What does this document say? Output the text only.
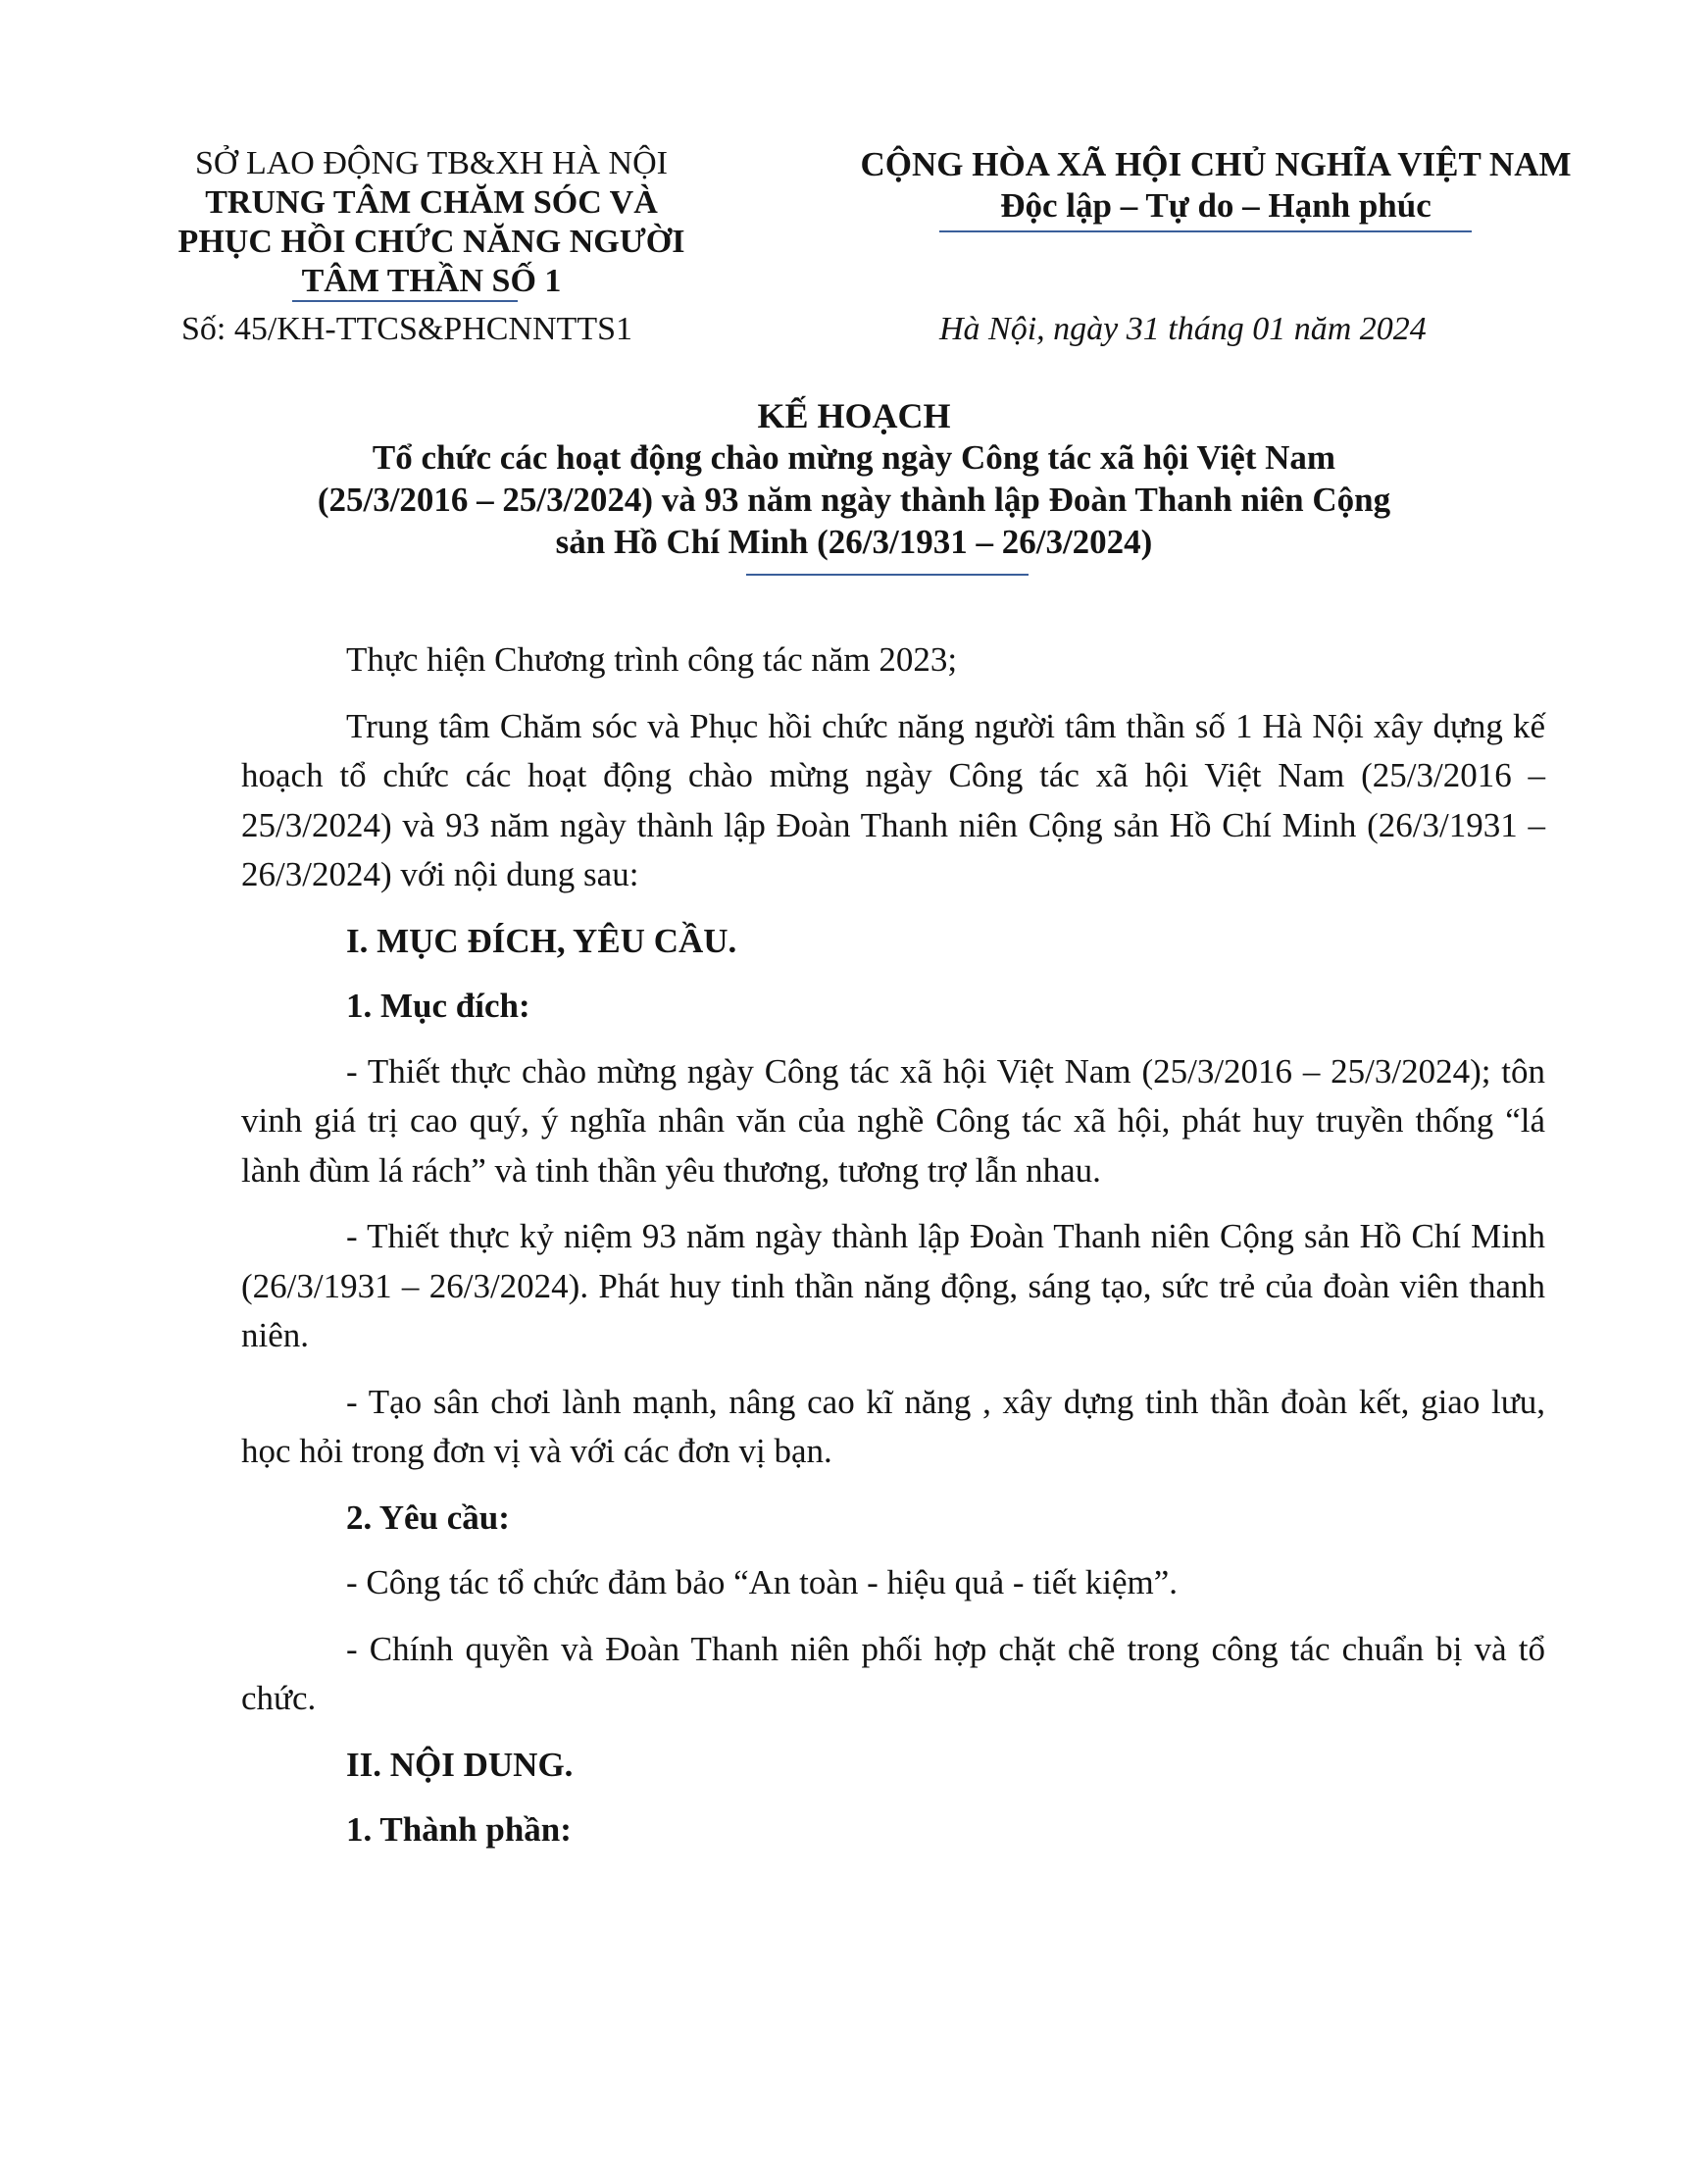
SỞ LAO ĐỘNG TB&XH HÀ NỘI
TRUNG TÂM CHĂM SÓC VÀ
PHỤC HỒI CHỨC NĂNG NGƯỜI
TÂM THẦN SỐ 1
Số: 45/KH-TTCS&PHCNNTTS1
CỘNG HÒA XÃ HỘI CHỦ NGHĨA VIỆT NAM
Độc lập – Tự do – Hạnh phúc
Hà Nội, ngày 31 tháng 01 năm 2024
KẾ HOẠCH
Tổ chức các hoạt động chào mừng ngày Công tác xã hội Việt Nam
(25/3/2016 – 25/3/2024) và 93 năm ngày thành lập Đoàn Thanh niên Cộng
sản Hồ Chí Minh (26/3/1931 – 26/3/2024)

Thực hiện Chương trình công tác năm 2023;

Trung tâm Chăm sóc và Phục hồi chức năng người tâm thần số 1 Hà Nội xây dựng kế hoạch tổ chức các hoạt động chào mừng ngày Công tác xã hội Việt Nam (25/3/2016 – 25/3/2024) và 93 năm ngày thành lập Đoàn Thanh niên Cộng sản Hồ Chí Minh (26/3/1931 – 26/3/2024) với nội dung sau:

I. MỤC ĐÍCH, YÊU CẦU.

1. Mục đích:

- Thiết thực chào mừng ngày Công tác xã hội Việt Nam (25/3/2016 – 25/3/2024); tôn vinh giá trị cao quý, ý nghĩa nhân văn của nghề Công tác xã hội, phát huy truyền thống “lá lành đùm lá rách” và tinh thần yêu thương, tương trợ lẫn nhau.

- Thiết thực kỷ niệm 93 năm ngày thành lập Đoàn Thanh niên Cộng sản Hồ Chí Minh (26/3/1931 – 26/3/2024). Phát huy tinh thần năng động, sáng tạo, sức trẻ của đoàn viên thanh niên.

- Tạo sân chơi lành mạnh, nâng cao kĩ năng , xây dựng tinh thần đoàn kết, giao lưu, học hỏi trong đơn vị và với các đơn vị bạn.

2. Yêu cầu:

- Công tác tổ chức đảm bảo “An toàn - hiệu quả - tiết kiệm”.

- Chính quyền và Đoàn Thanh niên phối hợp chặt chẽ trong công tác chuẩn bị và tổ chức.

II. NỘI DUNG.

1. Thành phần:
